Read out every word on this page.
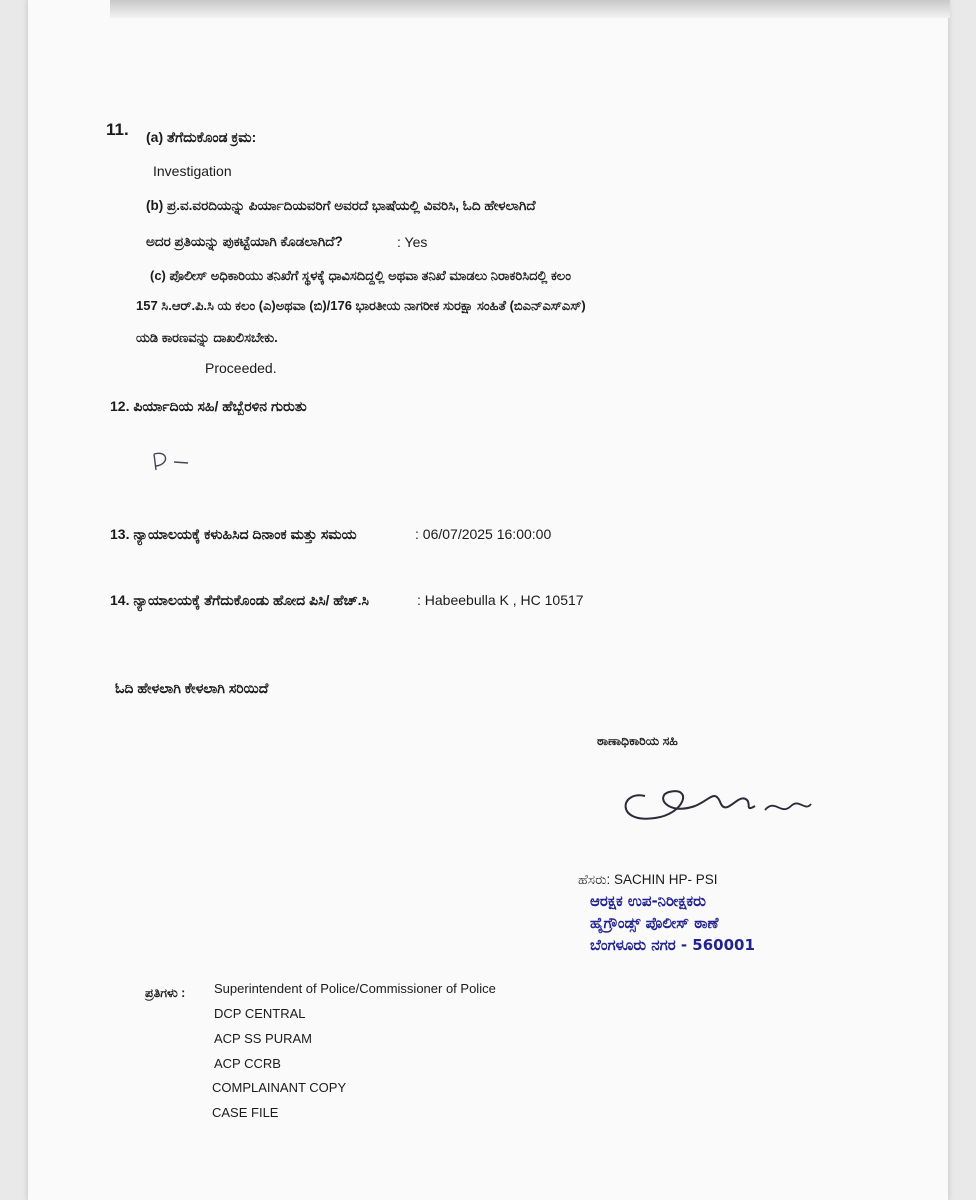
11. (a) ತೆಗೆದುಕೊಂಡ ಕ್ರಮ:
Investigation
(b) ಪ್ರ.ವ.ವರದಿಯನ್ನು ಪಿರ್ಯಾದಿಯವರಿಗೆ ಅವರದೆ ಭಾಷೆಯಲ್ಲಿ ವಿವರಿಸಿ, ಓದಿ ಹೇಳಲಾಗಿದೆ
ಅದರ ಪ್ರತಿಯನ್ನು ಪುಕಟ್ಟೆಯಾಗಿ ಕೊಡಲಾಗಿದೆ?	: Yes
(c) ಪೊಲೀಸ್ ಅಧಿಕಾರಿಯು ತನಿಖೆಗೆ ಸ್ಥಳಕ್ಕೆ ಧಾವಿಸದಿದ್ದಲ್ಲಿ ಅಥವಾ ತನಿಖೆ ಮಾಡಲು ನಿರಾಕರಿಸಿದಲ್ಲಿ ಕಲಂ
157 ಸಿ.ಆರ್.ಪಿ.ಸಿ ಯ ಕಲಂ (ಎ)ಅಥವಾ (ಬಿ)/176 ಭಾರತೀಯ ನಾಗರೀಕ ಸುರಕ್ಷಾ ಸಂಹಿತೆ (ಬಿಎನ್ಎಸ್ಎಸ್)
ಯಡಿ ಕಾರಣವನ್ನು ದಾಖಲಿಸಬೇಕು.
Proceeded.
12. ಪಿರ್ಯಾದಿಯ ಸಹಿ/ ಹೆಬ್ಬೆರಳಿನ ಗುರುತು
13. ನ್ಯಾಯಾಲಯಕ್ಕೆ ಕಳುಹಿಸಿದ ದಿನಾಂಕ ಮತ್ತು ಸಮಯ	: 06/07/2025 16:00:00
14. ನ್ಯಾಯಾಲಯಕ್ಕೆ ತೆಗೆದುಕೊಂಡು ಹೋದ ಪಿಸಿ/ ಹೆಚ್.ಸಿ	: Habeebulla K , HC 10517
ಓದಿ ಹೇಳಲಾಗಿ ಕೇಳಲಾಗಿ ಸರಿಯಿದೆ
ಠಾಣಾಧಿಕಾರಿಯ ಸಹಿ
ಹೆಸರು: SACHIN HP- PSI
ಆರಕ್ಷಕ ಉಪ-ನಿರೀಕ್ಷಕರು
ಹೈಗ್ರೌಂಡ್ಸ್ ಪೊಲೀಸ್ ಠಾಣೆ
ಬೆಂಗಳೂರು ನಗರ - 560001
ಪ್ರತಿಗಳು : Superintendent of Police/Commissioner of Police
DCP CENTRAL
ACP SS PURAM
ACP CCRB
COMPLAINANT COPY
CASE FILE
